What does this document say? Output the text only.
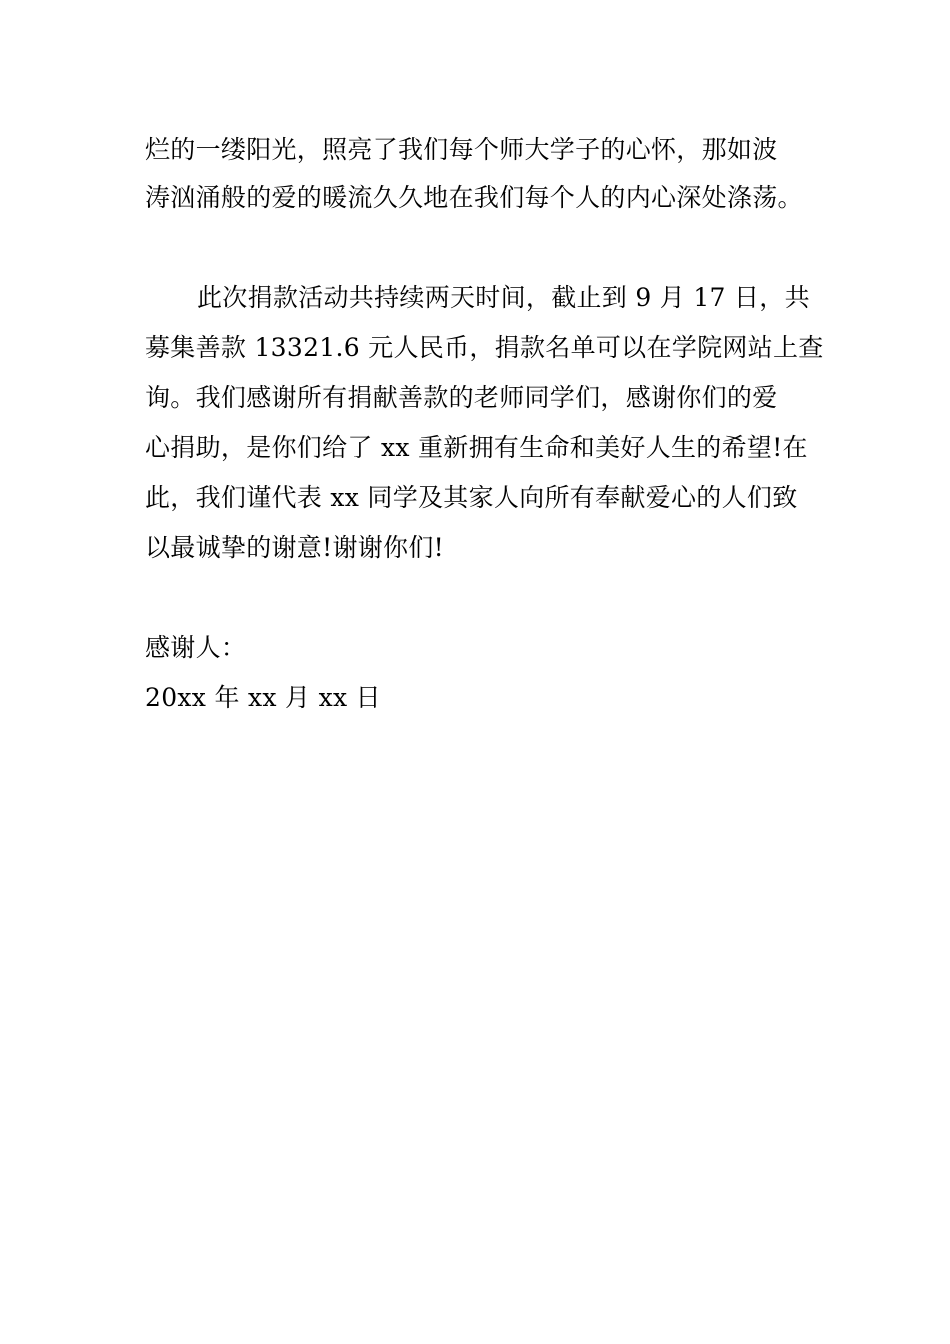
烂的一缕阳光，照亮了我们每个师大学子的心怀，那如波

涛汹涌般的爱的暖流久久地在我们每个人的内心深处涤荡。

此次捐款活动共持续两天时间，截止到 9 月 17 日，共

募集善款 13321.6 元人民币，捐款名单可以在学院网站上查

询。我们感谢所有捐献善款的老师同学们，感谢你们的爱

心捐助，是你们给了 xx 重新拥有生命和美好人生的希望!在

此，我们谨代表 xx 同学及其家人向所有奉献爱心的人们致

以最诚挚的谢意!谢谢你们!

感谢人：

20xx 年 xx 月 xx 日
